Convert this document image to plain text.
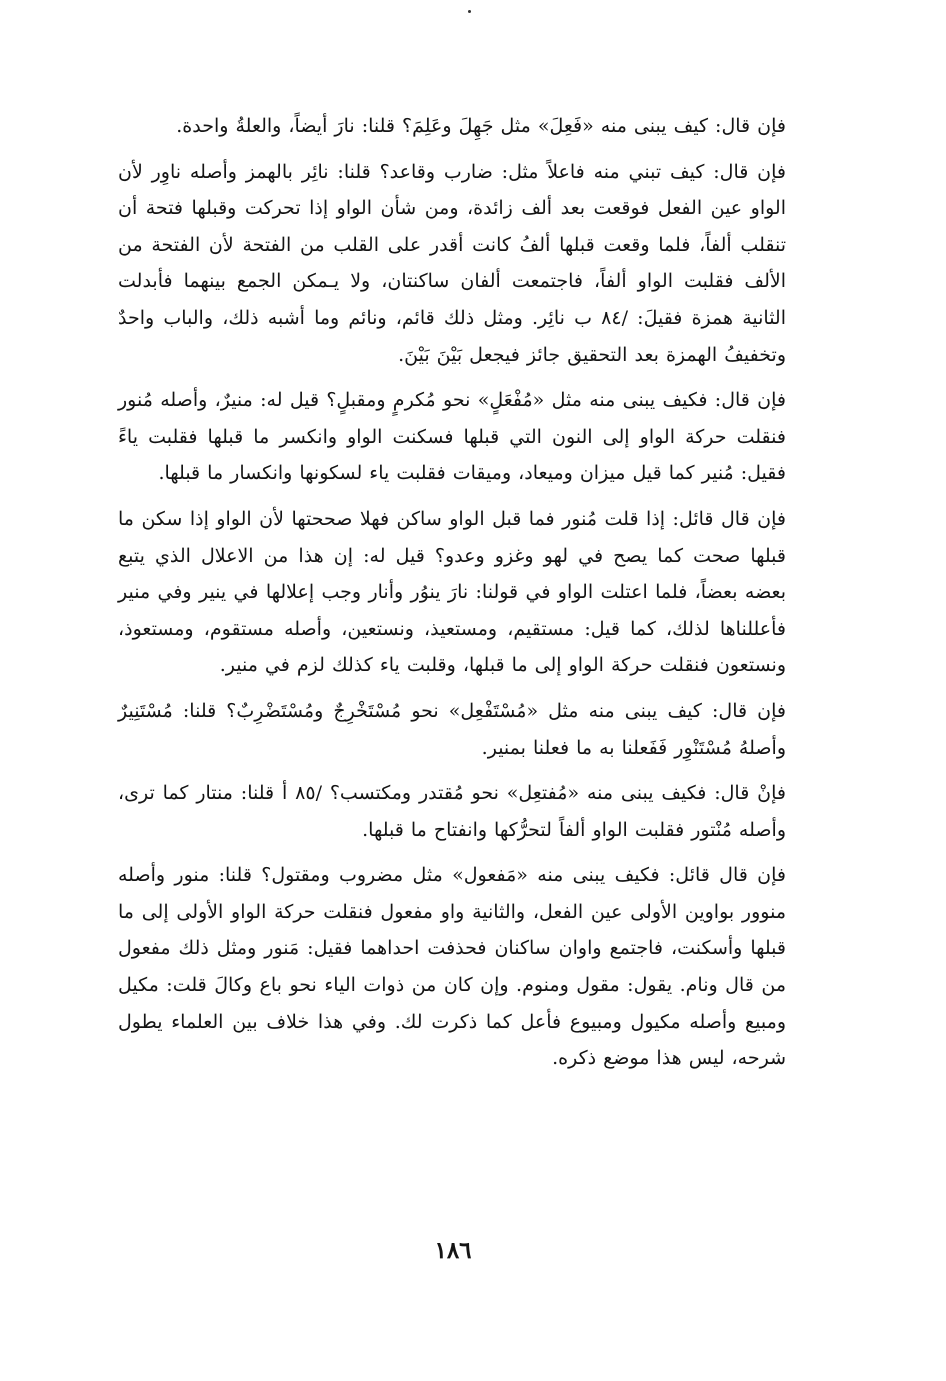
فإن قال: كيف يبنى منه «فَعِلَ» مثل جَهِلَ وعَلِمَ؟ قلنا: نارَ أيضاً، والعلةُ واحدة.

فإن قال: كيف تبني منه فاعلاً مثل: ضارب وقاعد؟ قلنا: نائِر بالهمز وأصله ناوِر لأن الواو عين الفعل فوقعت بعد ألف زائدة، ومن شأن الواو إذا تحركت وقبلها فتحة أن تنقلب ألفاً، فلما وقعت قبلها ألفُ كانت أقدر على القلب من الفتحة لأن الفتحة من الألف فقلبت الواو ألفاً، فاجتمعت ألفان ساكنتان، ولا يـمكن الجمع بينهما فأبدلت الثانية همزة فقيلَ: /٨٤ ب نائِر. ومثل ذلك قائم، ونائم وما أشبه ذلك، والباب واحدٌ وتخفيفُ الهمزة بعد التحقيق جائز فيجعل بَيْنَ بَيْنَ.

فإن قال: فكيف يبنى منه مثل «مُفْعَلٍ» نحو مُكرمٍ ومقبلٍ؟ قيل له: منيرٌ، وأصله مُنور فنقلت حركة الواو إلى النون التي قبلها فسكنت الواو وانكسر ما قبلها فقلبت ياءً فقيل: مُنير كما قيل ميزان وميعاد، وميقات فقلبت ياء لسكونها وانكسار ما قبلها.

فإن قال قائل: إذا قلت مُنور فما قبل الواو ساكن فهلا صححتها لأن الواو إذا سكن ما قبلها صحت كما يصح في لهو وغزو وعدو؟ قيل له: إن هذا من الاعلال الذي يتبع بعضه بعضاً، فلما اعتلت الواو في قولنا: نارَ ينوُر وأنار وجب إعلالها في ينير وفي منير فأعللناها لذلك، كما قيل: مستقيم، ومستعيذ، ونستعين، وأصله مستقوم، ومستعوذ، ونستعون فنقلت حركة الواو إلى ما قبلها، وقلبت ياء كذلك لزم في منير.

فإن قال: كيف يبنى منه مثل «مُسْتَفْعِل» نحو مُسْتَخْرِجٌ ومُسْتَضْرِبٌ؟ قلنا: مُسْتَنِيرٌ وأصلهُ مُسْتَنْوِر فَفَعلنا به ما فعلنا بمنير.

فإنْ قال: فكيف يبنى منه «مُفتعِل» نحو مُقتدر ومكتسب؟ /٨٥ أ قلنا: منتار كما ترى، وأصله مُنْتور فقلبت الواو ألفاً لتحرُّكها وانفتاح ما قبلها.

فإن قال قائل: فكيف يبنى منه «مَفعول» مثل مضروب ومقتول؟ قلنا: منور وأصله منوور بواوين الأولى عين الفعل، والثانية واو مفعول فنقلت حركة الواو الأولى إلى ما قبلها وأسكنت، فاجتمع واوان ساكنان فحذفت احداهما فقيل: مَنور ومثل ذلك مفعول من قال ونام. يقول: مقول ومنوم. وإن كان من ذوات الياء نحو باع وكالَ قلت: مكيل ومبيع وأصله مكيول ومبيوع فأعل كما ذكرت لك. وفي هذا خلاف بين العلماء يطول شرحه، ليس هذا موضع ذكره.

١٨٦
